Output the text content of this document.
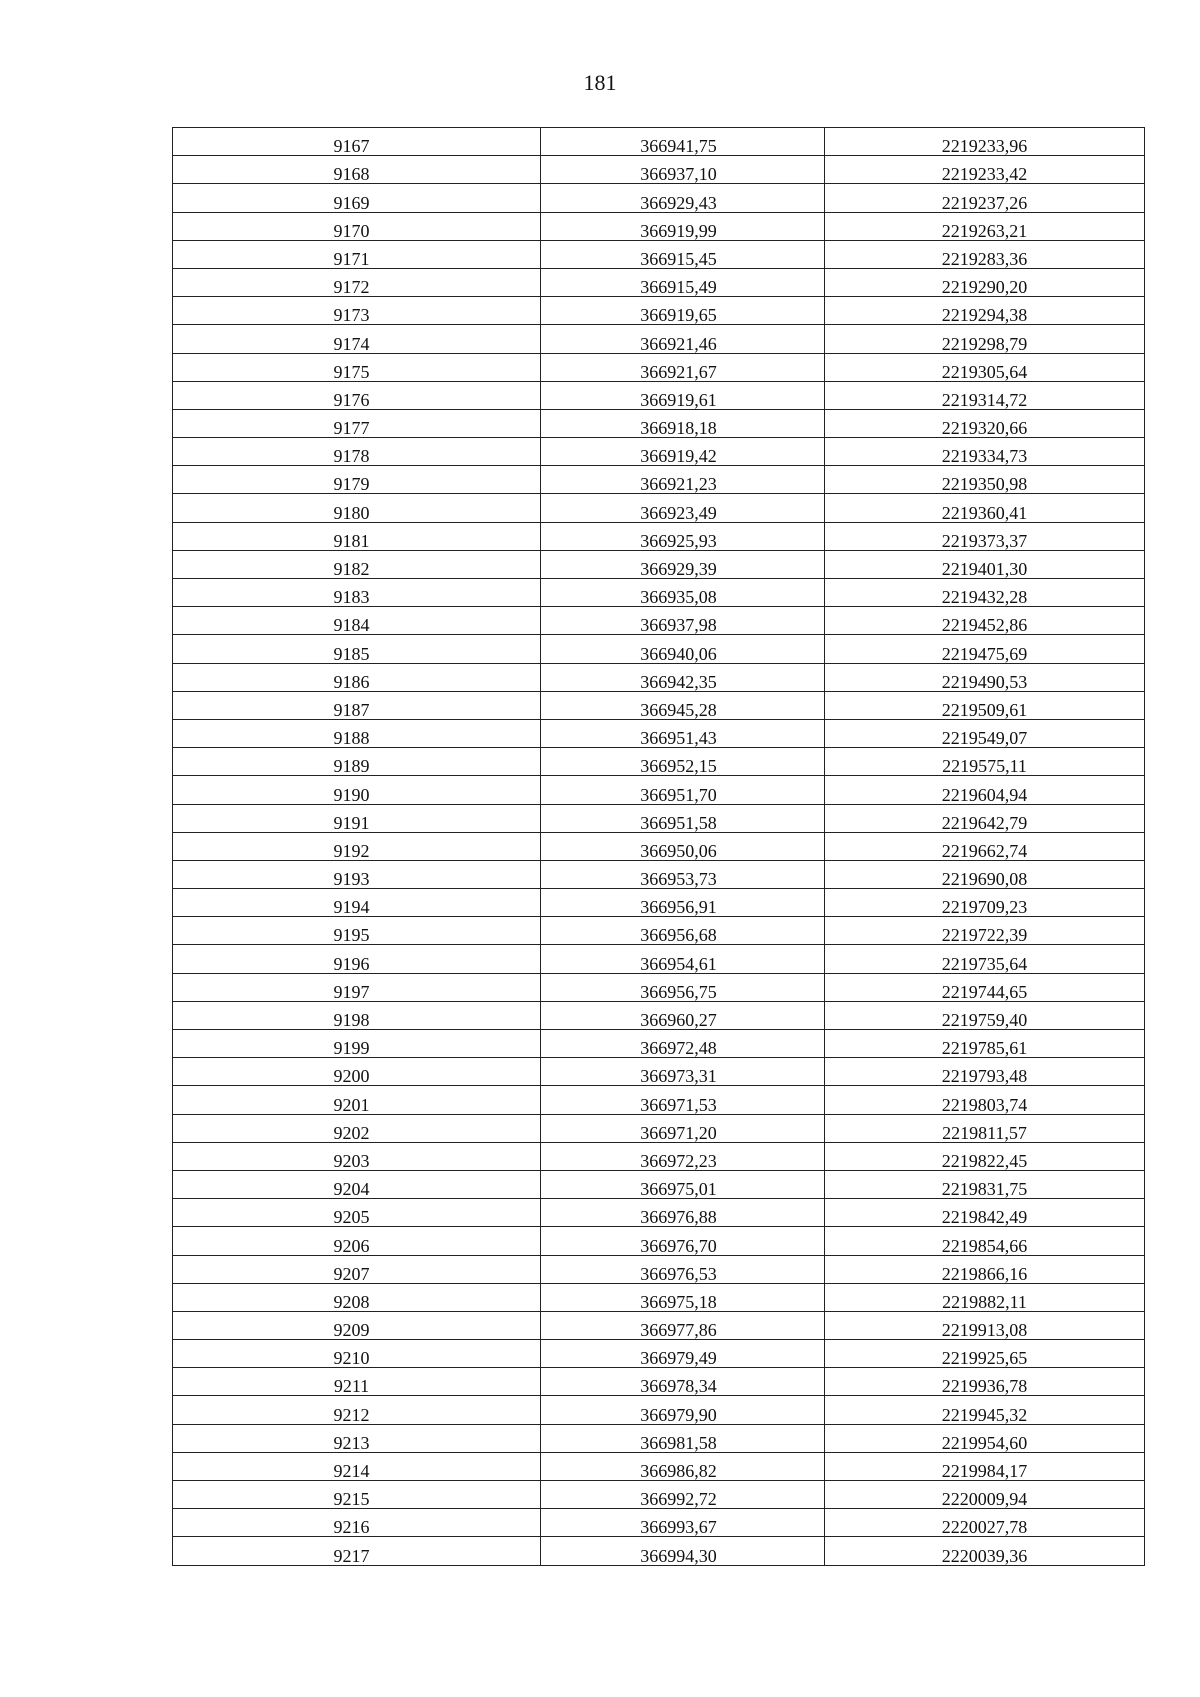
181
9167	366941,75	2219233,96
9168	366937,10	2219233,42
9169	366929,43	2219237,26
9170	366919,99	2219263,21
9171	366915,45	2219283,36
9172	366915,49	2219290,20
9173	366919,65	2219294,38
9174	366921,46	2219298,79
9175	366921,67	2219305,64
9176	366919,61	2219314,72
9177	366918,18	2219320,66
9178	366919,42	2219334,73
9179	366921,23	2219350,98
9180	366923,49	2219360,41
9181	366925,93	2219373,37
9182	366929,39	2219401,30
9183	366935,08	2219432,28
9184	366937,98	2219452,86
9185	366940,06	2219475,69
9186	366942,35	2219490,53
9187	366945,28	2219509,61
9188	366951,43	2219549,07
9189	366952,15	2219575,11
9190	366951,70	2219604,94
9191	366951,58	2219642,79
9192	366950,06	2219662,74
9193	366953,73	2219690,08
9194	366956,91	2219709,23
9195	366956,68	2219722,39
9196	366954,61	2219735,64
9197	366956,75	2219744,65
9198	366960,27	2219759,40
9199	366972,48	2219785,61
9200	366973,31	2219793,48
9201	366971,53	2219803,74
9202	366971,20	2219811,57
9203	366972,23	2219822,45
9204	366975,01	2219831,75
9205	366976,88	2219842,49
9206	366976,70	2219854,66
9207	366976,53	2219866,16
9208	366975,18	2219882,11
9209	366977,86	2219913,08
9210	366979,49	2219925,65
9211	366978,34	2219936,78
9212	366979,90	2219945,32
9213	366981,58	2219954,60
9214	366986,82	2219984,17
9215	366992,72	2220009,94
9216	366993,67	2220027,78
9217	366994,30	2220039,36
